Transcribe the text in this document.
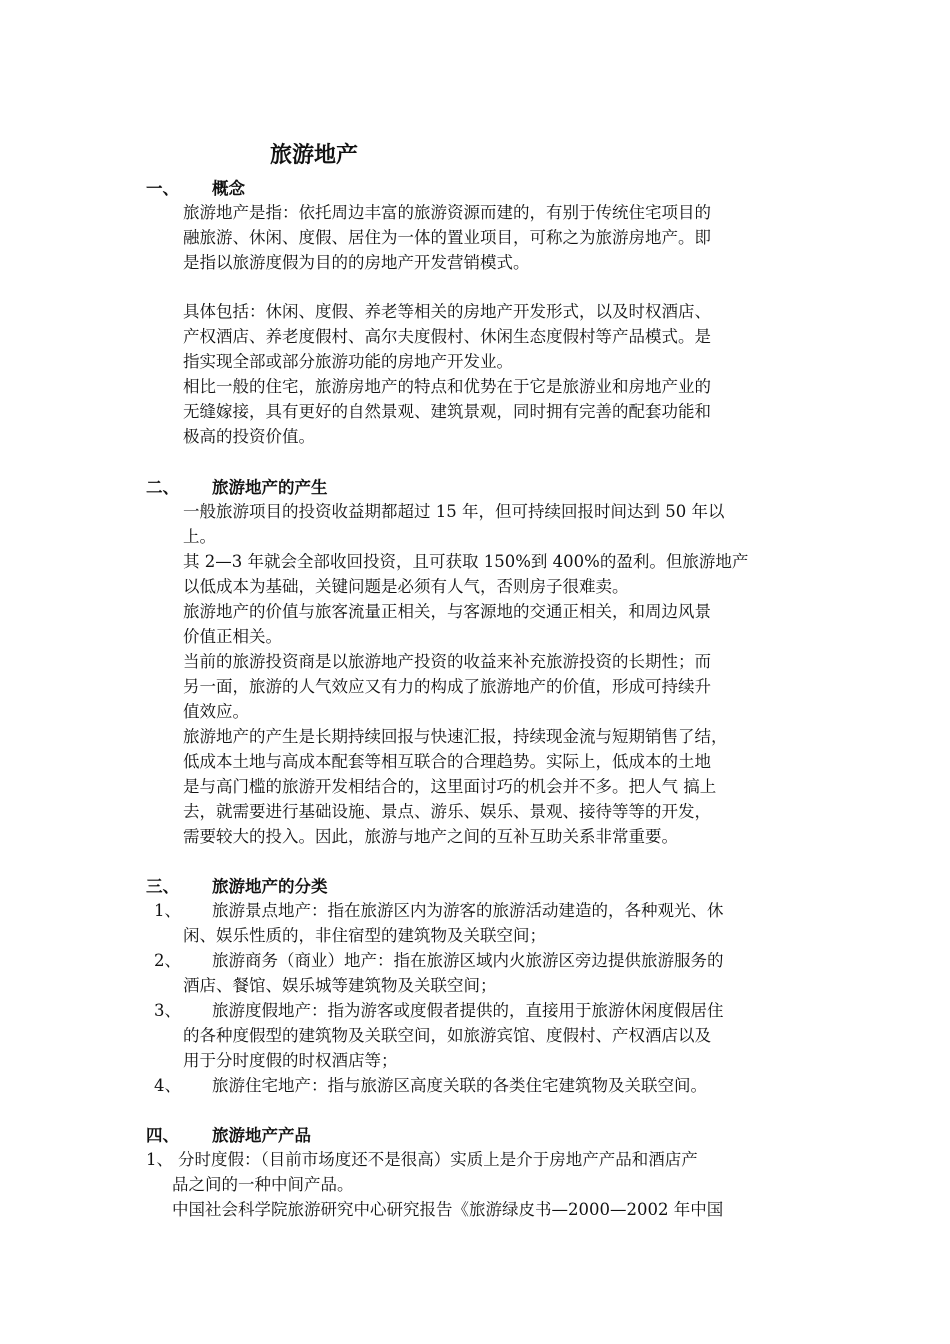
旅游地产
一、 概念
旅游地产是指：依托周边丰富的旅游资源而建的，有别于传统住宅项目的
融旅游、休闲、度假、居住为一体的置业项目，可称之为旅游房地产。即
是指以旅游度假为目的的房地产开发营销模式。
具体包括：休闲、度假、养老等相关的房地产开发形式，以及时权酒店、
产权酒店、养老度假村、高尔夫度假村、休闲生态度假村等产品模式。是
指实现全部或部分旅游功能的房地产开发业。
相比一般的住宅，旅游房地产的特点和优势在于它是旅游业和房地产业的
无缝嫁接，具有更好的自然景观、建筑景观，同时拥有完善的配套功能和
极高的投资价值。
二、 旅游地产的产生
一般旅游项目的投资收益期都超过 15 年，但可持续回报时间达到 50 年以
上。
其 2—3 年就会全部收回投资，且可获取 150%到 400%的盈利。但旅游地产
以低成本为基础，关键问题是必须有人气，否则房子很难卖。
旅游地产的价值与旅客流量正相关，与客源地的交通正相关，和周边风景
价值正相关。
当前的旅游投资商是以旅游地产投资的收益来补充旅游投资的长期性；而
另一面，旅游的人气效应又有力的构成了旅游地产的价值，形成可持续升
值效应。
旅游地产的产生是长期持续回报与快速汇报，持续现金流与短期销售了结，
低成本土地与高成本配套等相互联合的合理趋势。实际上，低成本的土地
是与高门槛的旅游开发相结合的，这里面讨巧的机会并不多。把人气 搞上
去，就需要进行基础设施、景点、游乐、娱乐、景观、接待等等的开发，
需要较大的投入。因此，旅游与地产之间的互补互助关系非常重要。
三、 旅游地产的分类
1、 旅游景点地产：指在旅游区内为游客的旅游活动建造的，各种观光、休
闲、娱乐性质的，非住宿型的建筑物及关联空间；
2、 旅游商务（商业）地产：指在旅游区域内火旅游区旁边提供旅游服务的
酒店、餐馆、娱乐城等建筑物及关联空间；
3、 旅游度假地产：指为游客或度假者提供的，直接用于旅游休闲度假居住
的各种度假型的建筑物及关联空间，如旅游宾馆、度假村、产权酒店以及
用于分时度假的时权酒店等；
4、 旅游住宅地产：指与旅游区高度关联的各类住宅建筑物及关联空间。
四、 旅游地产产品
1、 分时度假：（目前市场度还不是很高）实质上是介于房地产产品和酒店产
品之间的一种中间产品。
中国社会科学院旅游研究中心研究报告《旅游绿皮书—2000—2002 年中国
